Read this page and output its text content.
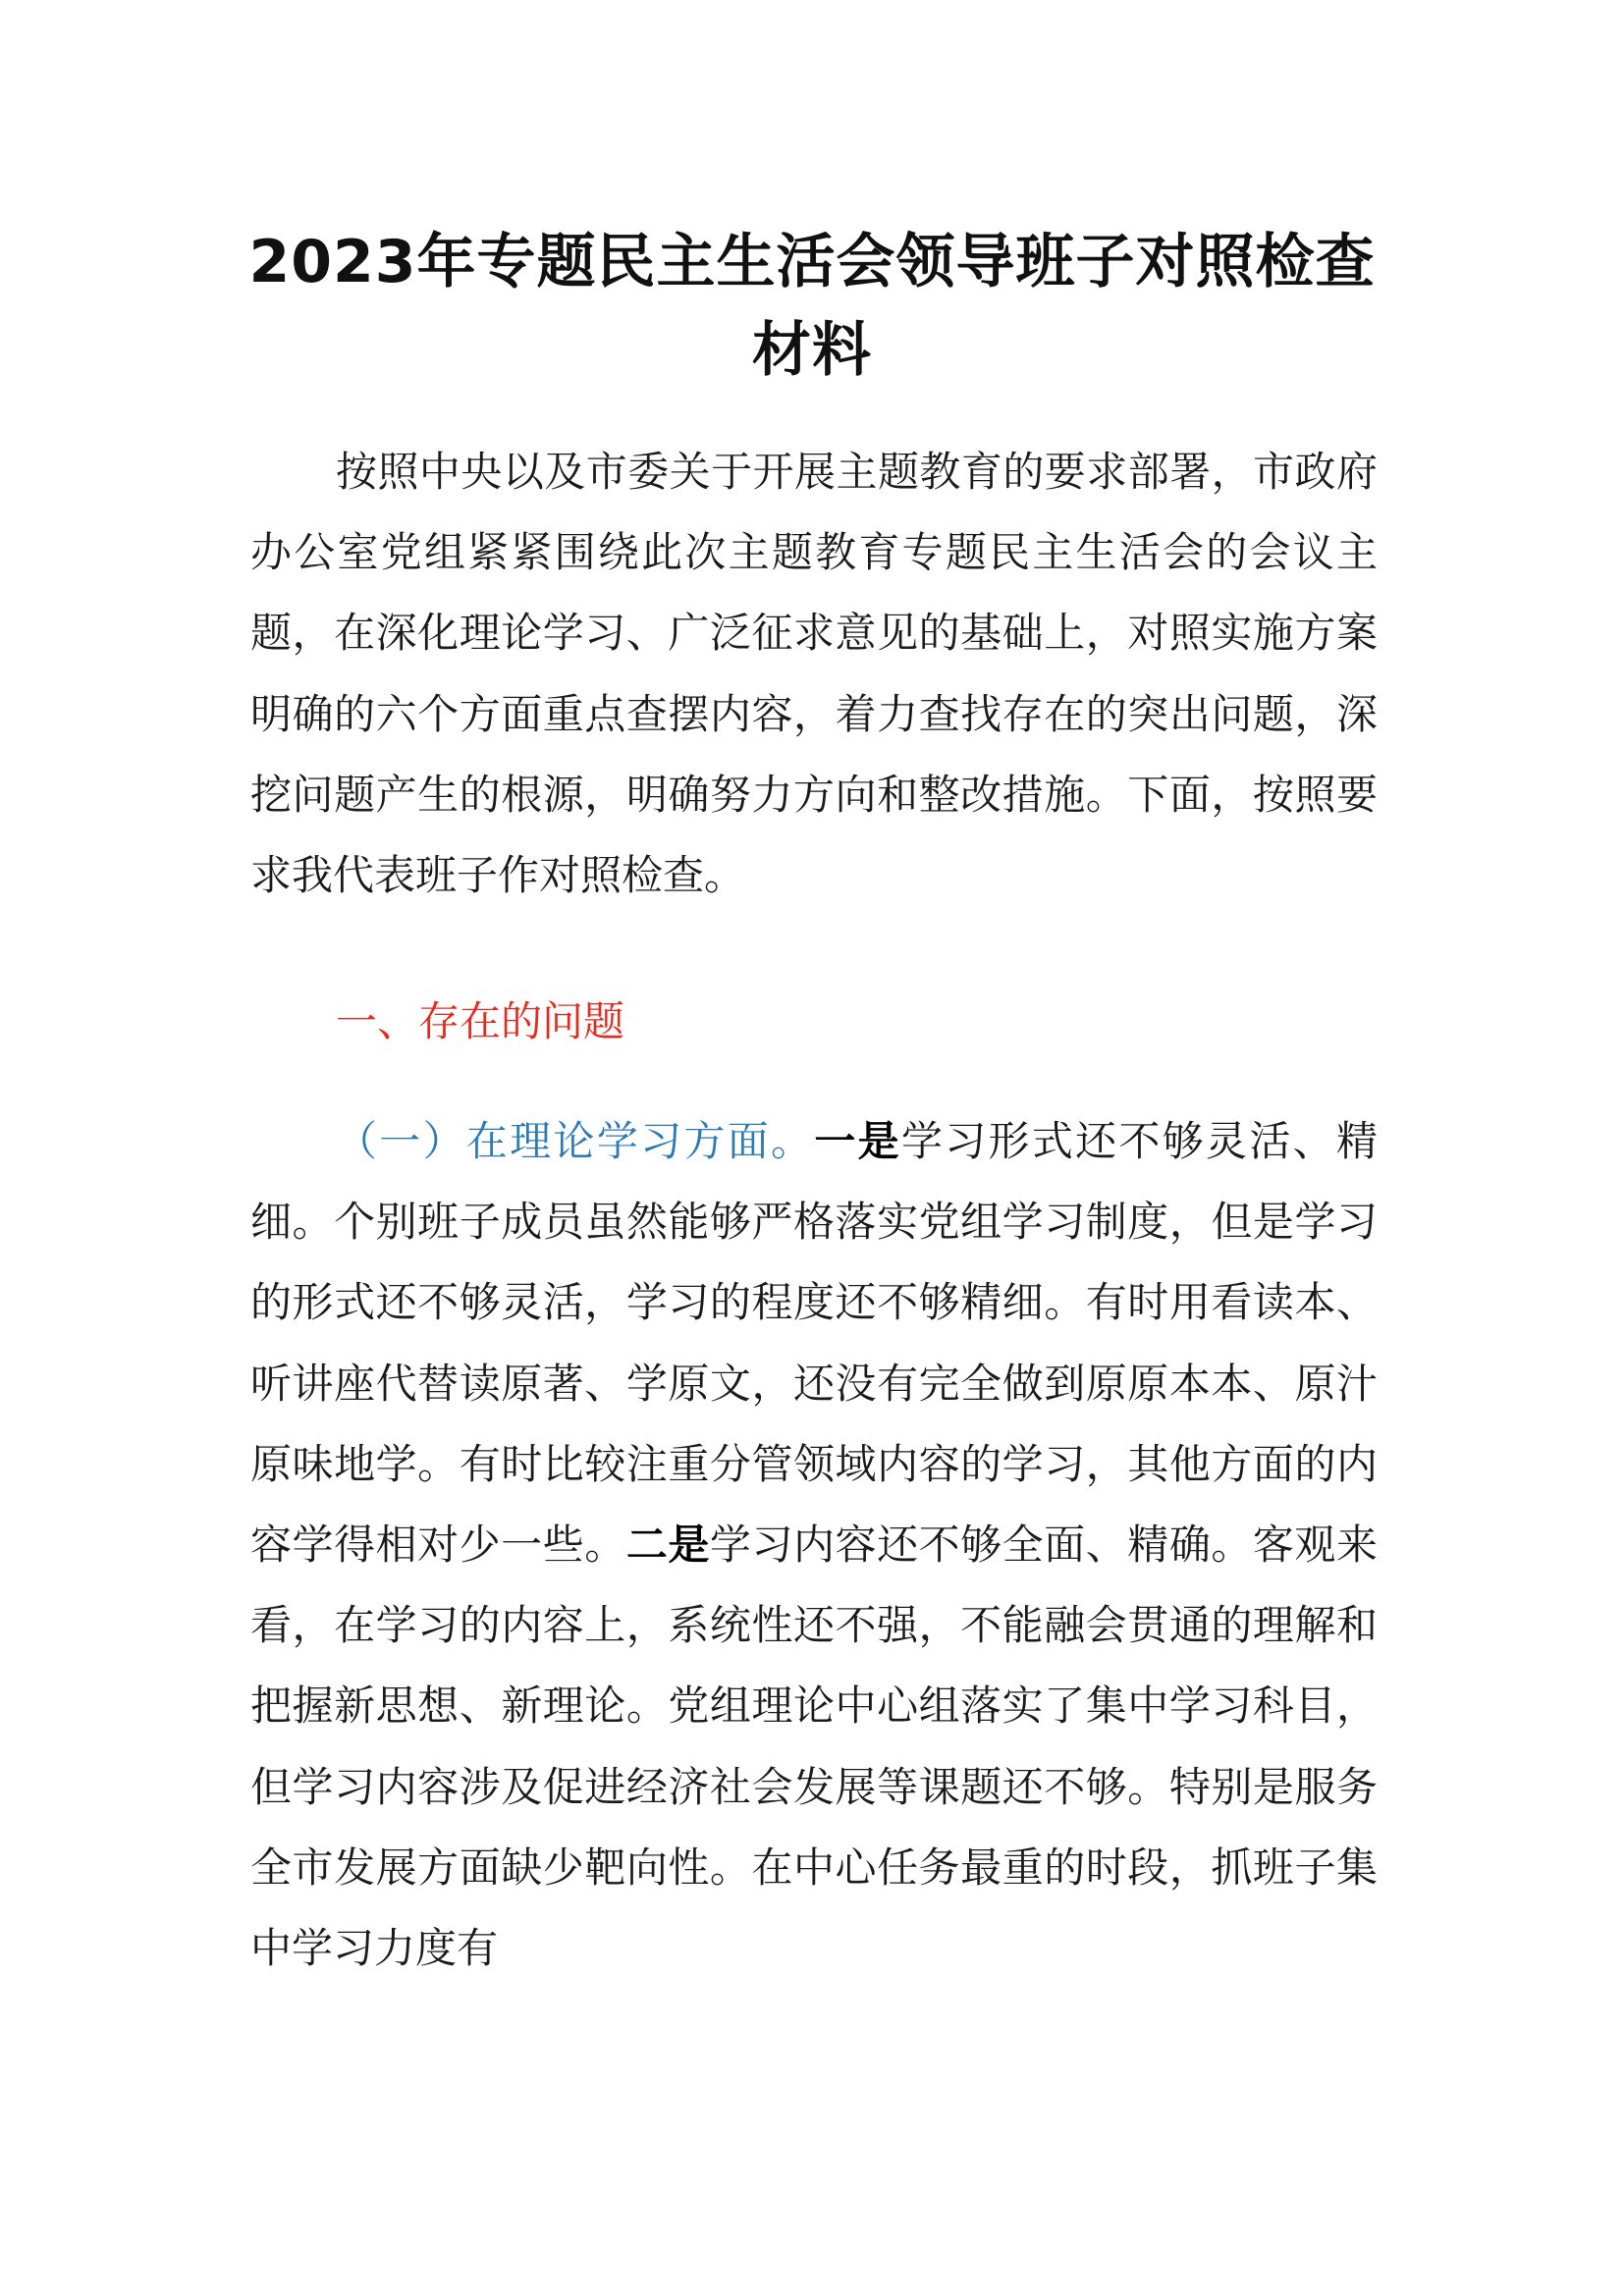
2023年专题民主生活会领导班子对照检查
材料

按照中央以及市委关于开展主题教育的要求部署，市政府办公室党组紧紧围绕此次主题教育专题民主生活会的会议主题，在深化理论学习、广泛征求意见的基础上，对照实施方案明确的六个方面重点查摆内容，着力查找存在的突出问题，深挖问题产生的根源，明确努力方向和整改措施。下面，按照要求我代表班子作对照检查。

一、存在的问题

（一）在理论学习方面。一是学习形式还不够灵活、精细。个别班子成员虽然能够严格落实党组学习制度，但是学习的形式还不够灵活，学习的程度还不够精细。有时用看读本、听讲座代替读原著、学原文，还没有完全做到原原本本、原汁原味地学。有时比较注重分管领域内容的学习，其他方面的内容学得相对少一些。二是学习内容还不够全面、精确。客观来看，在学习的内容上，系统性还不强，不能融会贯通的理解和把握新思想、新理论。党组理论中心组落实了集中学习科目，但学习内容涉及促进经济社会发展等课题还不够。特别是服务全市发展方面缺少靶向性。在中心任务最重的时段，抓班子集中学习力度有
